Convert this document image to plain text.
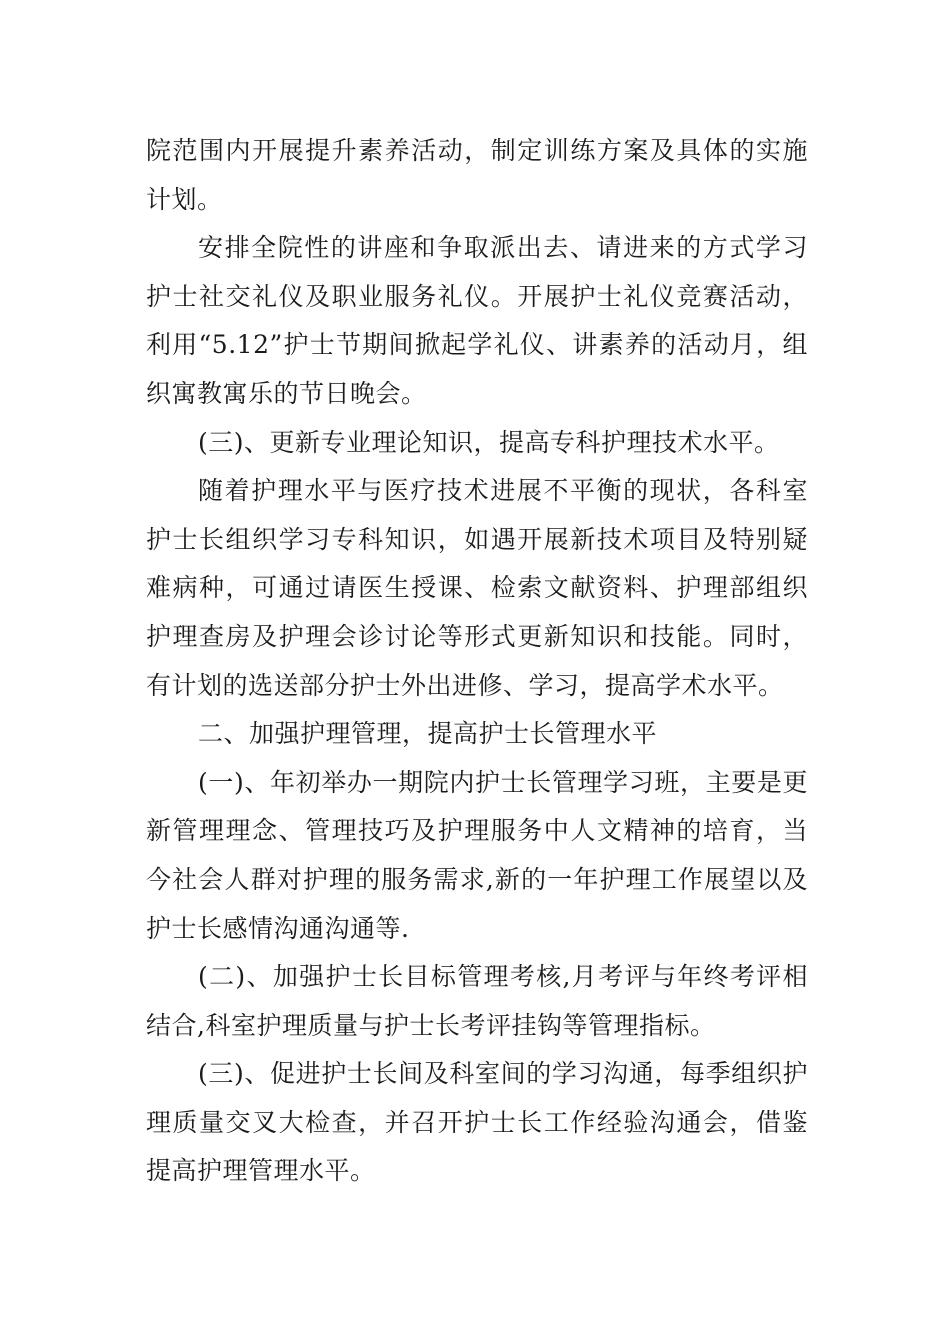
院范围内开展提升素养活动，制定训练方案及具体的实施计划。

安排全院性的讲座和争取派出去、请进来的方式学习护士社交礼仪及职业服务礼仪。开展护士礼仪竞赛活动，利用“5.12”护士节期间掀起学礼仪、讲素养的活动月，组织寓教寓乐的节日晚会。

(三)、更新专业理论知识，提高专科护理技术水平。

随着护理水平与医疗技术进展不平衡的现状，各科室护士长组织学习专科知识，如遇开展新技术项目及特别疑难病种，可通过请医生授课、检索文献资料、护理部组织护理查房及护理会诊讨论等形式更新知识和技能。同时，有计划的选送部分护士外出进修、学习，提高学术水平。

二、加强护理管理，提高护士长管理水平

(一)、年初举办一期院内护士长管理学习班，主要是更新管理理念、管理技巧及护理服务中人文精神的培育，当今社会人群对护理的服务需求,新的一年护理工作展望以及护士长感情沟通沟通等.

(二)、加强护士长目标管理考核,月考评与年终考评相结合,科室护理质量与护士长考评挂钩等管理指标。

(三)、促进护士长间及科室间的学习沟通，每季组织护理质量交叉大检查，并召开护士长工作经验沟通会，借鉴提高护理管理水平。
